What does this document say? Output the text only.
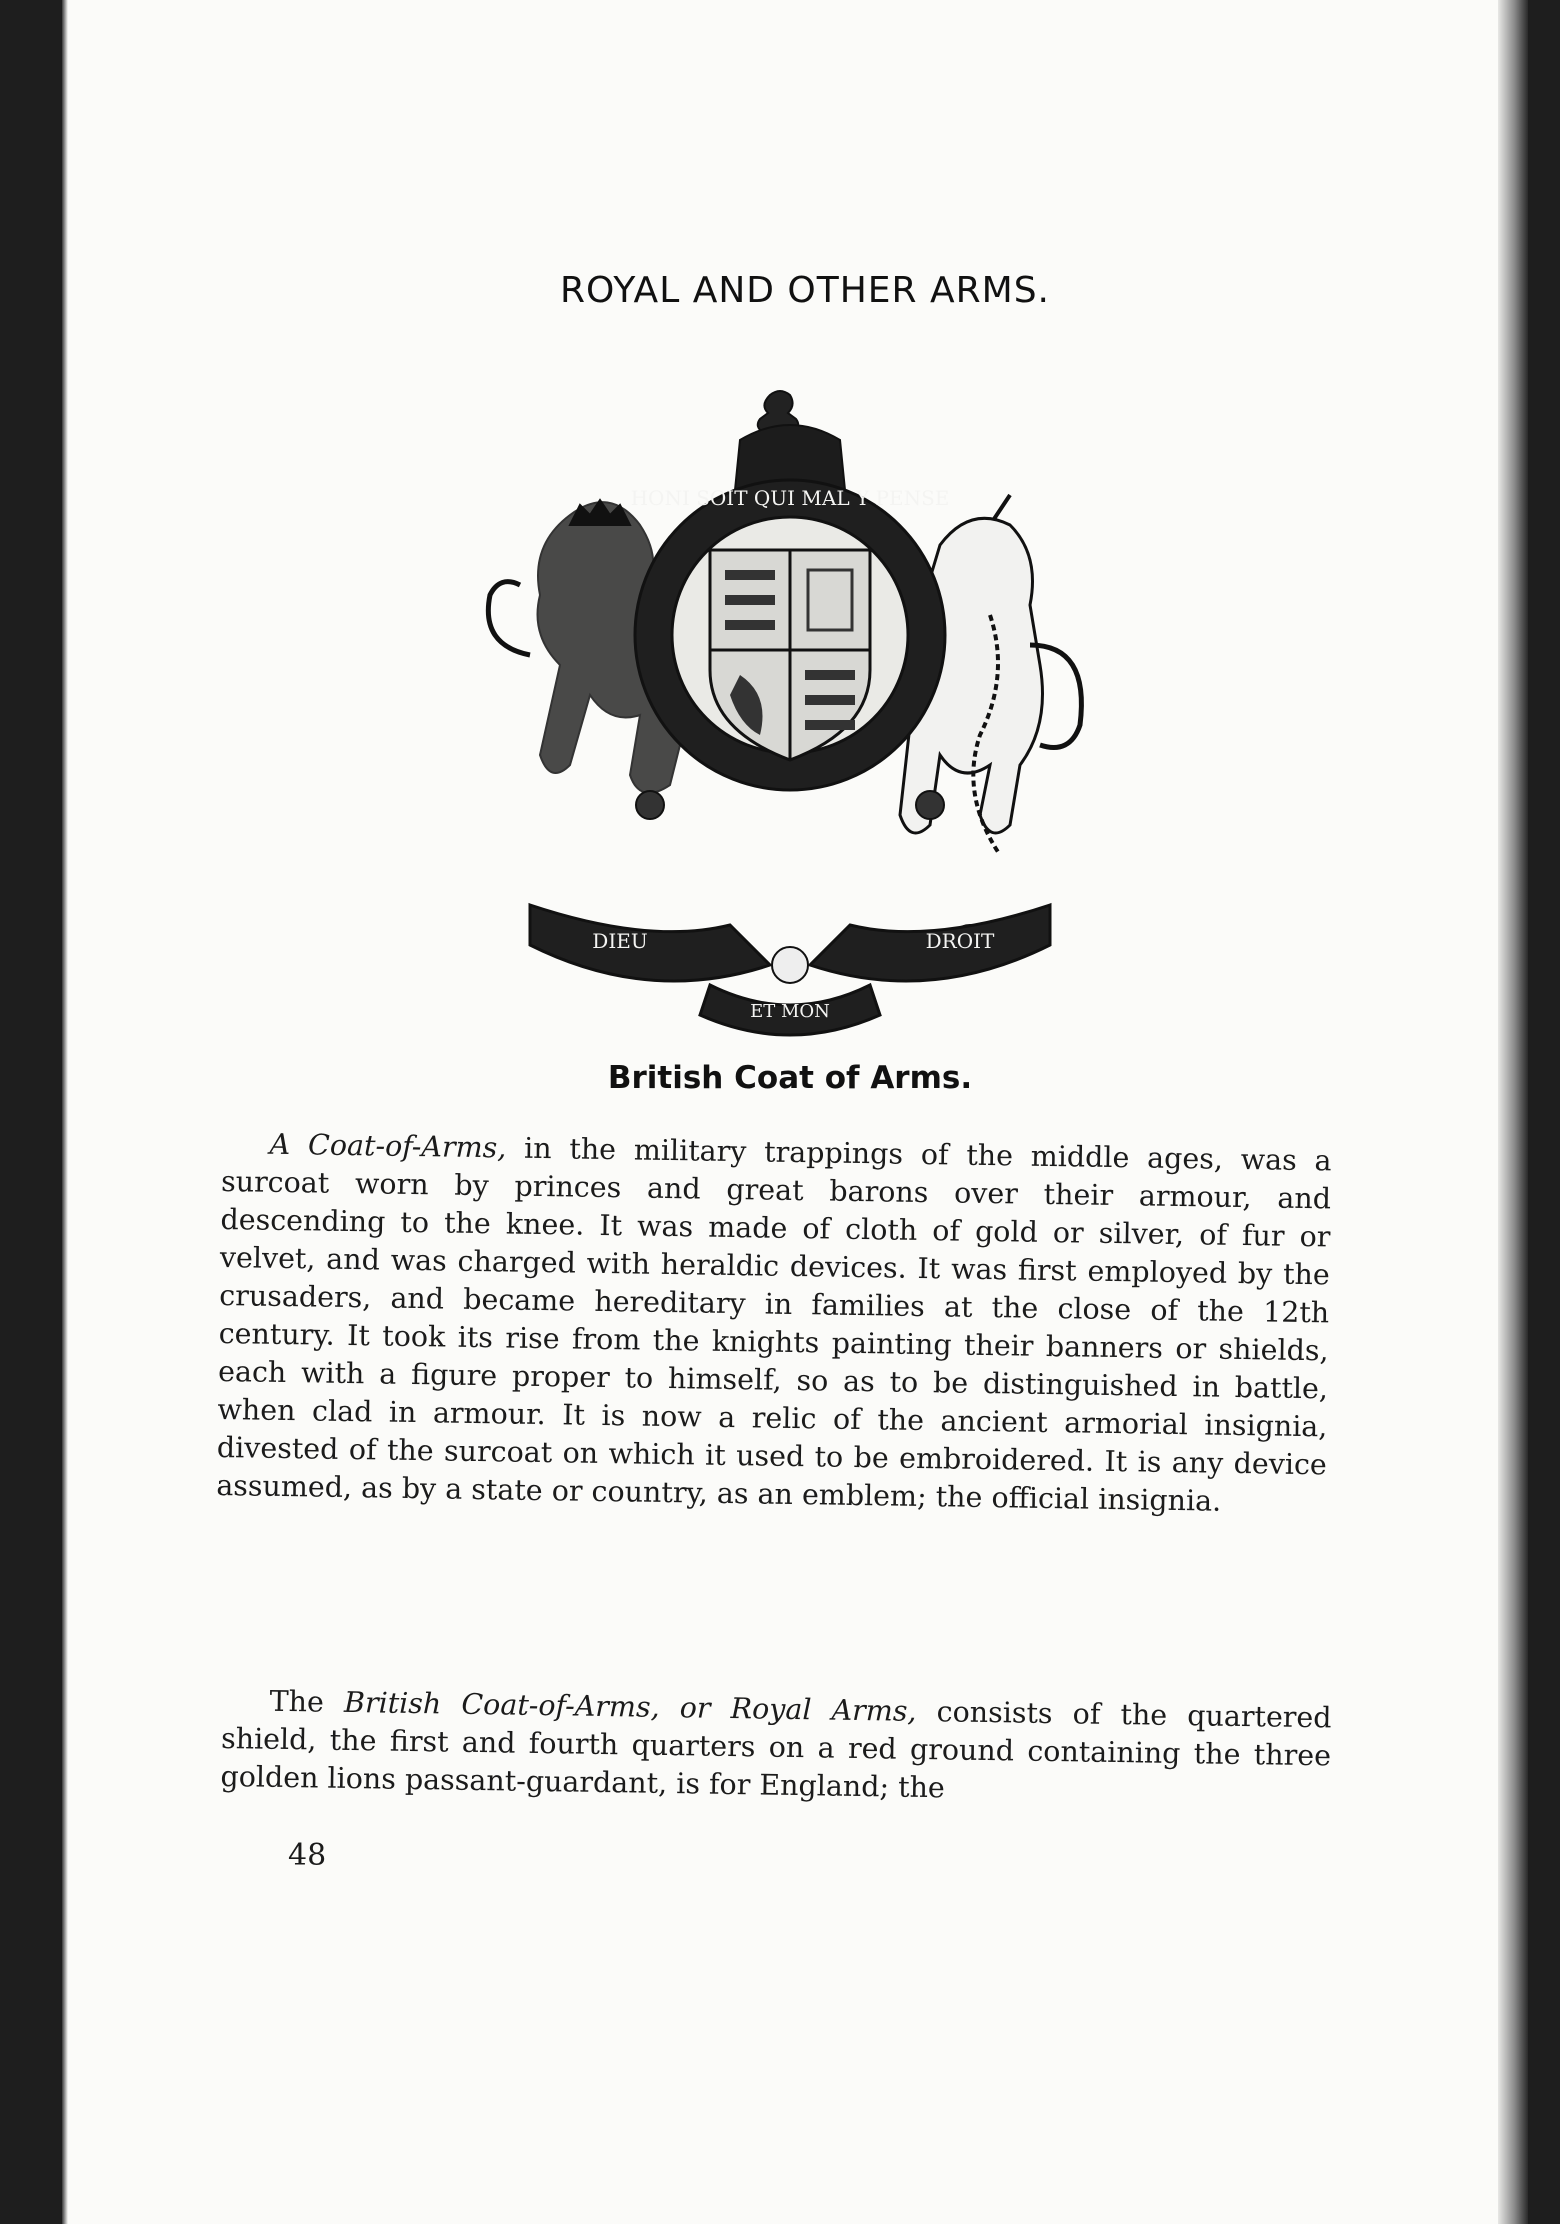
ROYAL AND OTHER ARMS.
HONI SOIT QUI MAL Y PENSE
DIEU
ET MON
DROIT
British Coat of Arms.
A Coat-of-Arms, in the military trappings of the middle ages, was a surcoat worn by princes and great barons over their armour, and descending to the knee. It was made of cloth of gold or silver, of fur or velvet, and was charged with heraldic devices. It was first employed by the crusaders, and became hereditary in families at the close of the 12th century. It took its rise from the knights painting their banners or shields, each with a figure proper to himself, so as to be distinguished in battle, when clad in armour. It is now a relic of the ancient armorial insignia, divested of the surcoat on which it used to be embroidered. It is any device assumed, as by a state or country, as an emblem; the official insignia.
The British Coat-of-Arms, or Royal Arms, consists of the quartered shield, the first and fourth quarters on a red ground containing the three golden lions passant-guardant, is for England; the
48
